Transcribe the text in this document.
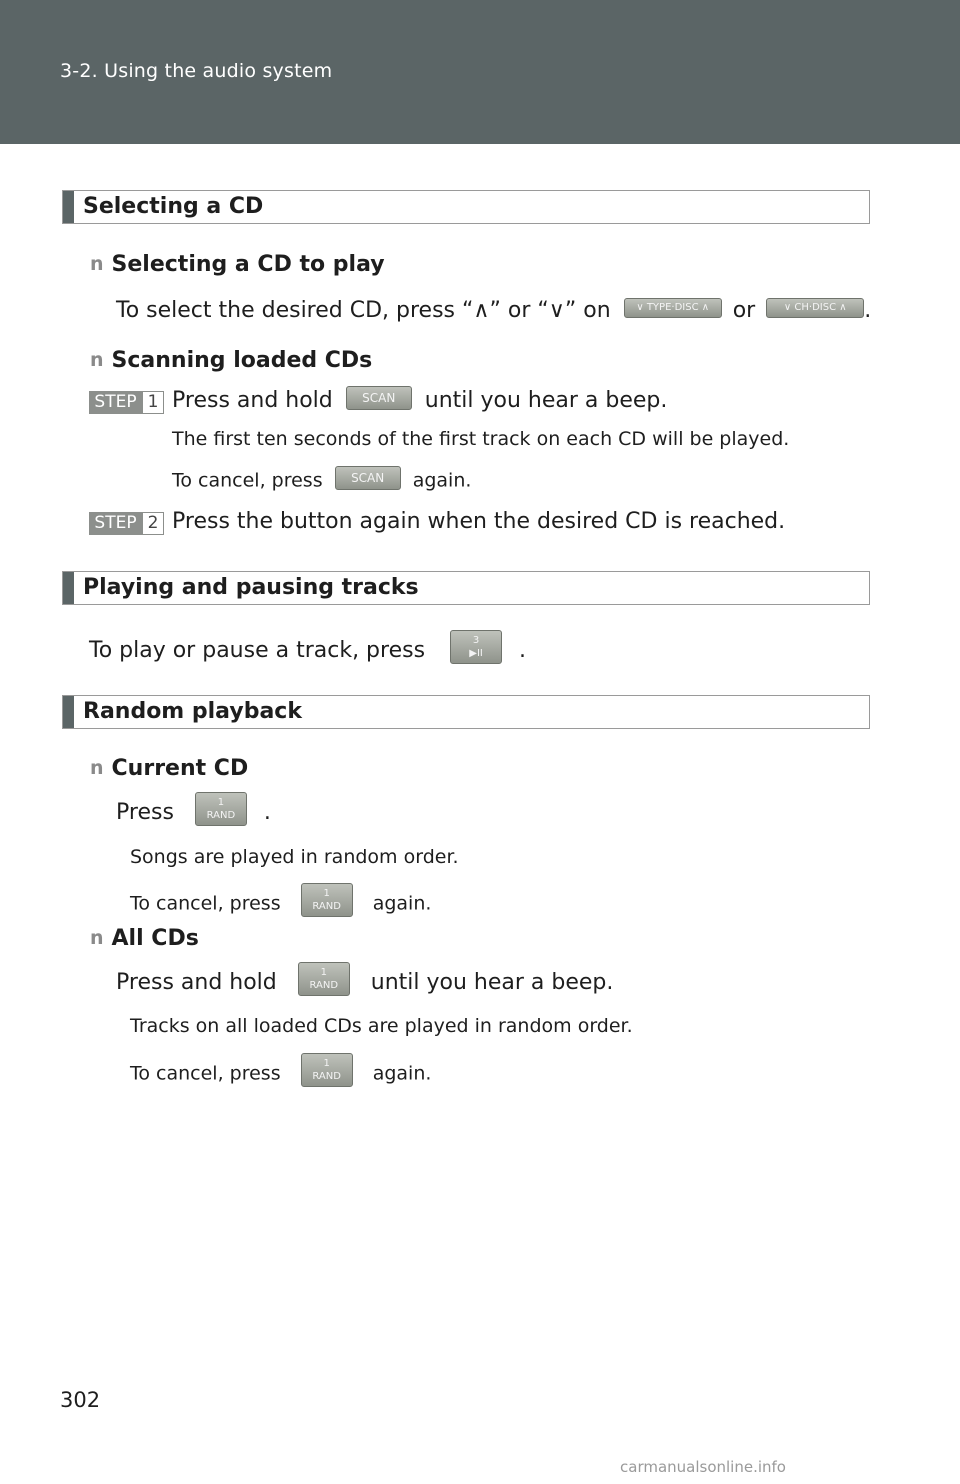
3-2. Using the audio system
Selecting a CD
n Selecting a CD to play
To select the desired CD, press “∧” or “∨” on	∨ TYPE·DISC ∧ or	∨ CH·DISC ∧ .
n Scanning loaded CDs
STEP 1 Press and hold SCAN until you hear a beep.
The first ten seconds of the first track on each CD will be played.
To cancel, press SCAN again.
STEP 2 Press the button again when the desired CD is reached.
Playing and pausing tracks
To play or pause a track, press	3
▶II .
Random playback
n Current CD
Press	1
RAND .
Songs are played in random order.
To cancel, press	1
RAND again.
n All CDs
Press and hold	1
RAND until you hear a beep.
Tracks on all loaded CDs are played in random order.
To cancel, press	1
RAND again.
302
carmanualsonline.info
